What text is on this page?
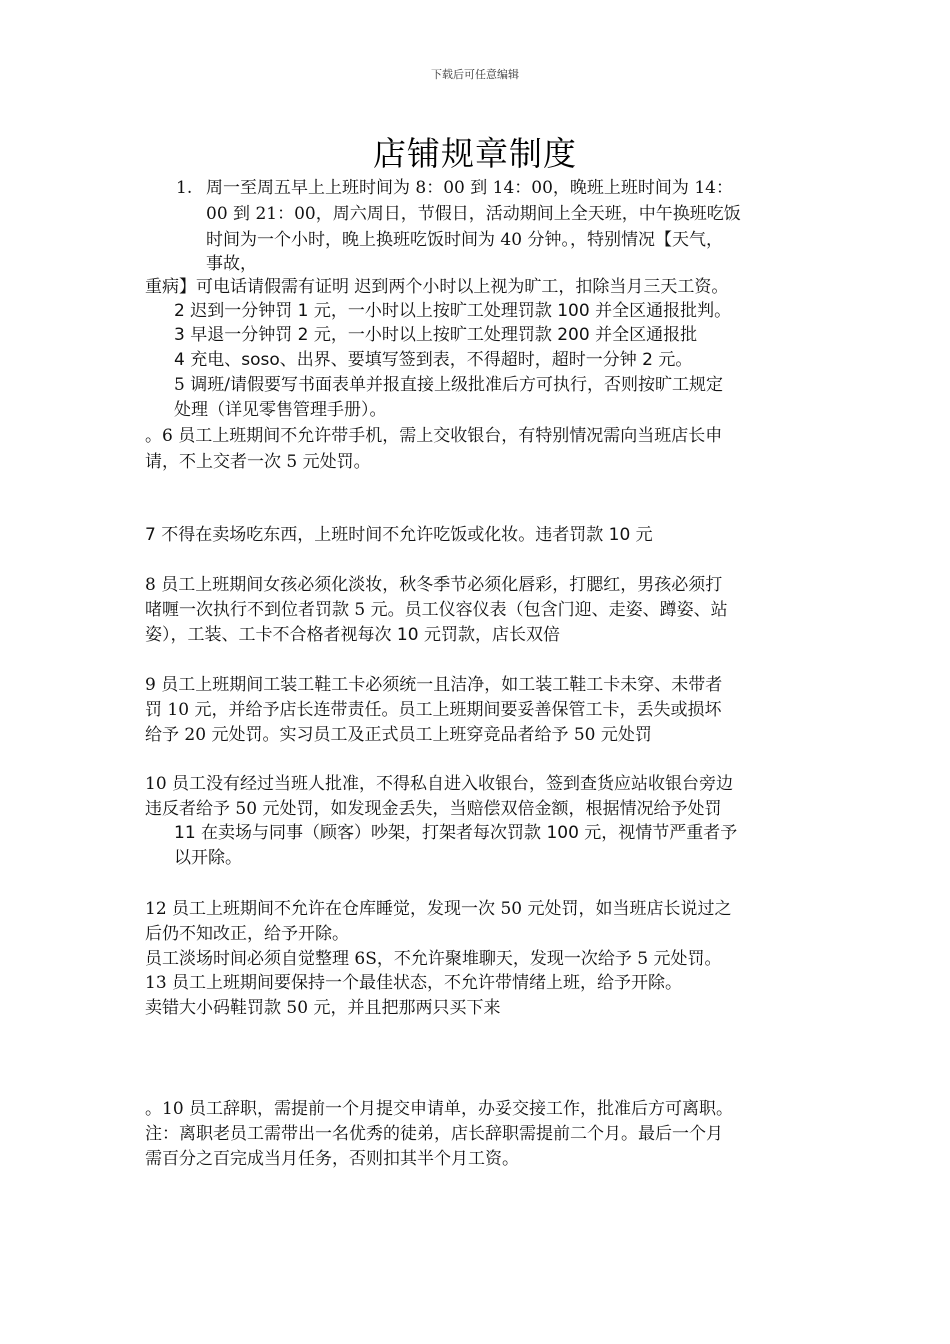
下载后可任意编辑
店铺规章制度
1. 周一至周五早上上班时间为 8：00 到 14：00，晚班上班时间为 14：
00 到 21：00，周六周日，节假日，活动期间上全天班，中午换班吃饭
时间为一个小时，晚上换班吃饭时间为 40 分钟。，特别情况【天气，
事故，
重病】可电话请假需有证明 迟到两个小时以上视为旷工，扣除当月三天工资。
2 迟到一分钟罚 1 元，一小时以上按旷工处理罚款 100 并全区通报批判。
3 早退一分钟罚 2 元，一小时以上按旷工处理罚款 200 并全区通报批
4 充电、soso、出界、要填写签到表，不得超时，超时一分钟 2 元。
5 调班/请假要写书面表单并报直接上级批准后方可执行，否则按旷工规定
处理（详见零售管理手册）。
。6 员工上班期间不允许带手机，需上交收银台，有特别情况需向当班店长申
请，不上交者一次 5 元处罚。
7 不得在卖场吃东西，上班时间不允许吃饭或化妆。违者罚款 10 元
8 员工上班期间女孩必须化淡妆，秋冬季节必须化唇彩，打腮红，男孩必须打
啫喱一次执行不到位者罚款 5 元。员工仪容仪表（包含门迎、走姿、蹲姿、站
姿），工装、工卡不合格者视每次 10 元罚款，店长双倍
9 员工上班期间工装工鞋工卡必须统一且洁净，如工装工鞋工卡未穿、未带者
罚 10 元，并给予店长连带责任。员工上班期间要妥善保管工卡，丢失或损坏
给予 20 元处罚。实习员工及正式员工上班穿竞品者给予 50 元处罚
10 员工没有经过当班人批准，不得私自进入收银台，签到查货应站收银台旁边
违反者给予 50 元处罚，如发现金丢失，当赔偿双倍金额，根据情况给予处罚
11 在卖场与同事（顾客）吵架，打架者每次罚款 100 元，视情节严重者予
以开除。
12 员工上班期间不允许在仓库睡觉，发现一次 50 元处罚，如当班店长说过之
后仍不知改正，给予开除。
员工淡场时间必须自觉整理 6S，不允许聚堆聊天，发现一次给予 5 元处罚。
13 员工上班期间要保持一个最佳状态，不允许带情绪上班，给予开除。
卖错大小码鞋罚款 50 元，并且把那两只买下来
。10 员工辞职，需提前一个月提交申请单，办妥交接工作，批准后方可离职。
注：离职老员工需带出一名优秀的徒弟，店长辞职需提前二个月。最后一个月
需百分之百完成当月任务，否则扣其半个月工资。
